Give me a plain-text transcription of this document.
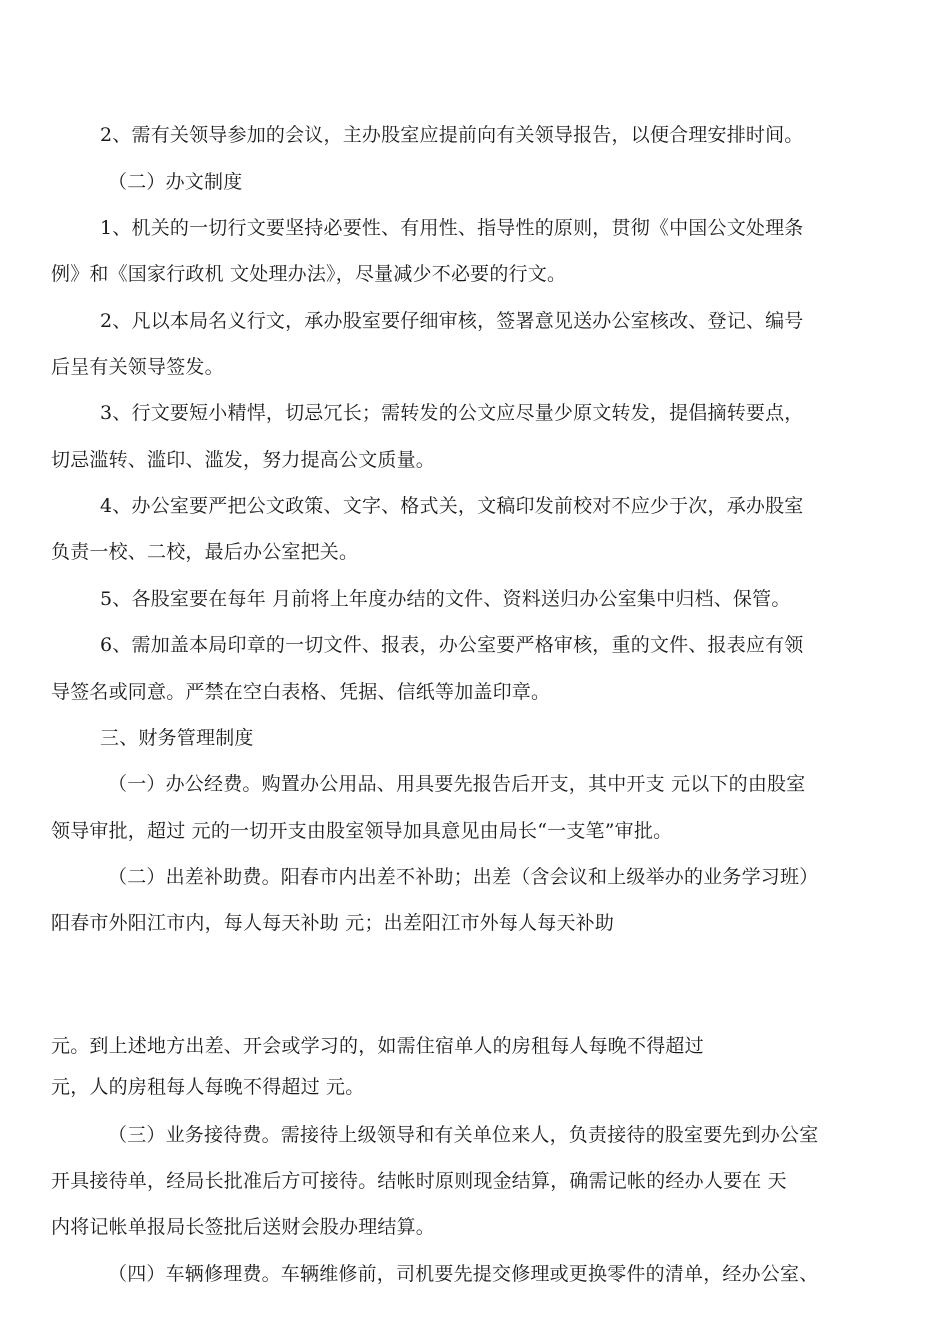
2、需有关领导参加的会议，主办股室应提前向有关领导报告，以便合理安排时间。
（二）办文制度
1、机关的一切行文要坚持必要性、有用性、指导性的原则，贯彻《中国公文处理条
例》和《国家行政机 文处理办法》，尽量减少不必要的行文。
2、凡以本局名义行文，承办股室要仔细审核，签署意见送办公室核改、登记、编号
后呈有关领导签发。
3、行文要短小精悍，切忌冗长；需转发的公文应尽量少原文转发，提倡摘转要点，
切忌滥转、滥印、滥发，努力提高公文质量。
4、办公室要严把公文政策、文字、格式关，文稿印发前校对不应少于次，承办股室
负责一校、二校，最后办公室把关。
5、各股室要在每年 月前将上年度办结的文件、资料送归办公室集中归档、保管。
6、需加盖本局印章的一切文件、报表，办公室要严格审核，重的文件、报表应有领
导签名或同意。严禁在空白表格、凭据、信纸等加盖印章。
三、财务管理制度
（一）办公经费。购置办公用品、用具要先报告后开支，其中开支 元以下的由股室
领导审批，超过 元的一切开支由股室领导加具意见由局长“一支笔”审批。
（二）出差补助费。阳春市内出差不补助；出差（含会议和上级举办的业务学习班）
阳春市外阳江市内，每人每天补助 元；出差阳江市外每人每天补助
元。到上述地方出差、开会或学习的，如需住宿单人的房租每人每晚不得超过
元，人的房租每人每晚不得超过 元。
（三）业务接待费。需接待上级领导和有关单位来人，负责接待的股室要先到办公室
开具接待单，经局长批准后方可接待。结帐时原则现金结算，确需记帐的经办人要在 天
内将记帐单报局长签批后送财会股办理结算。
（四）车辆修理费。车辆维修前，司机要先提交修理或更换零件的清单，经办公室、
